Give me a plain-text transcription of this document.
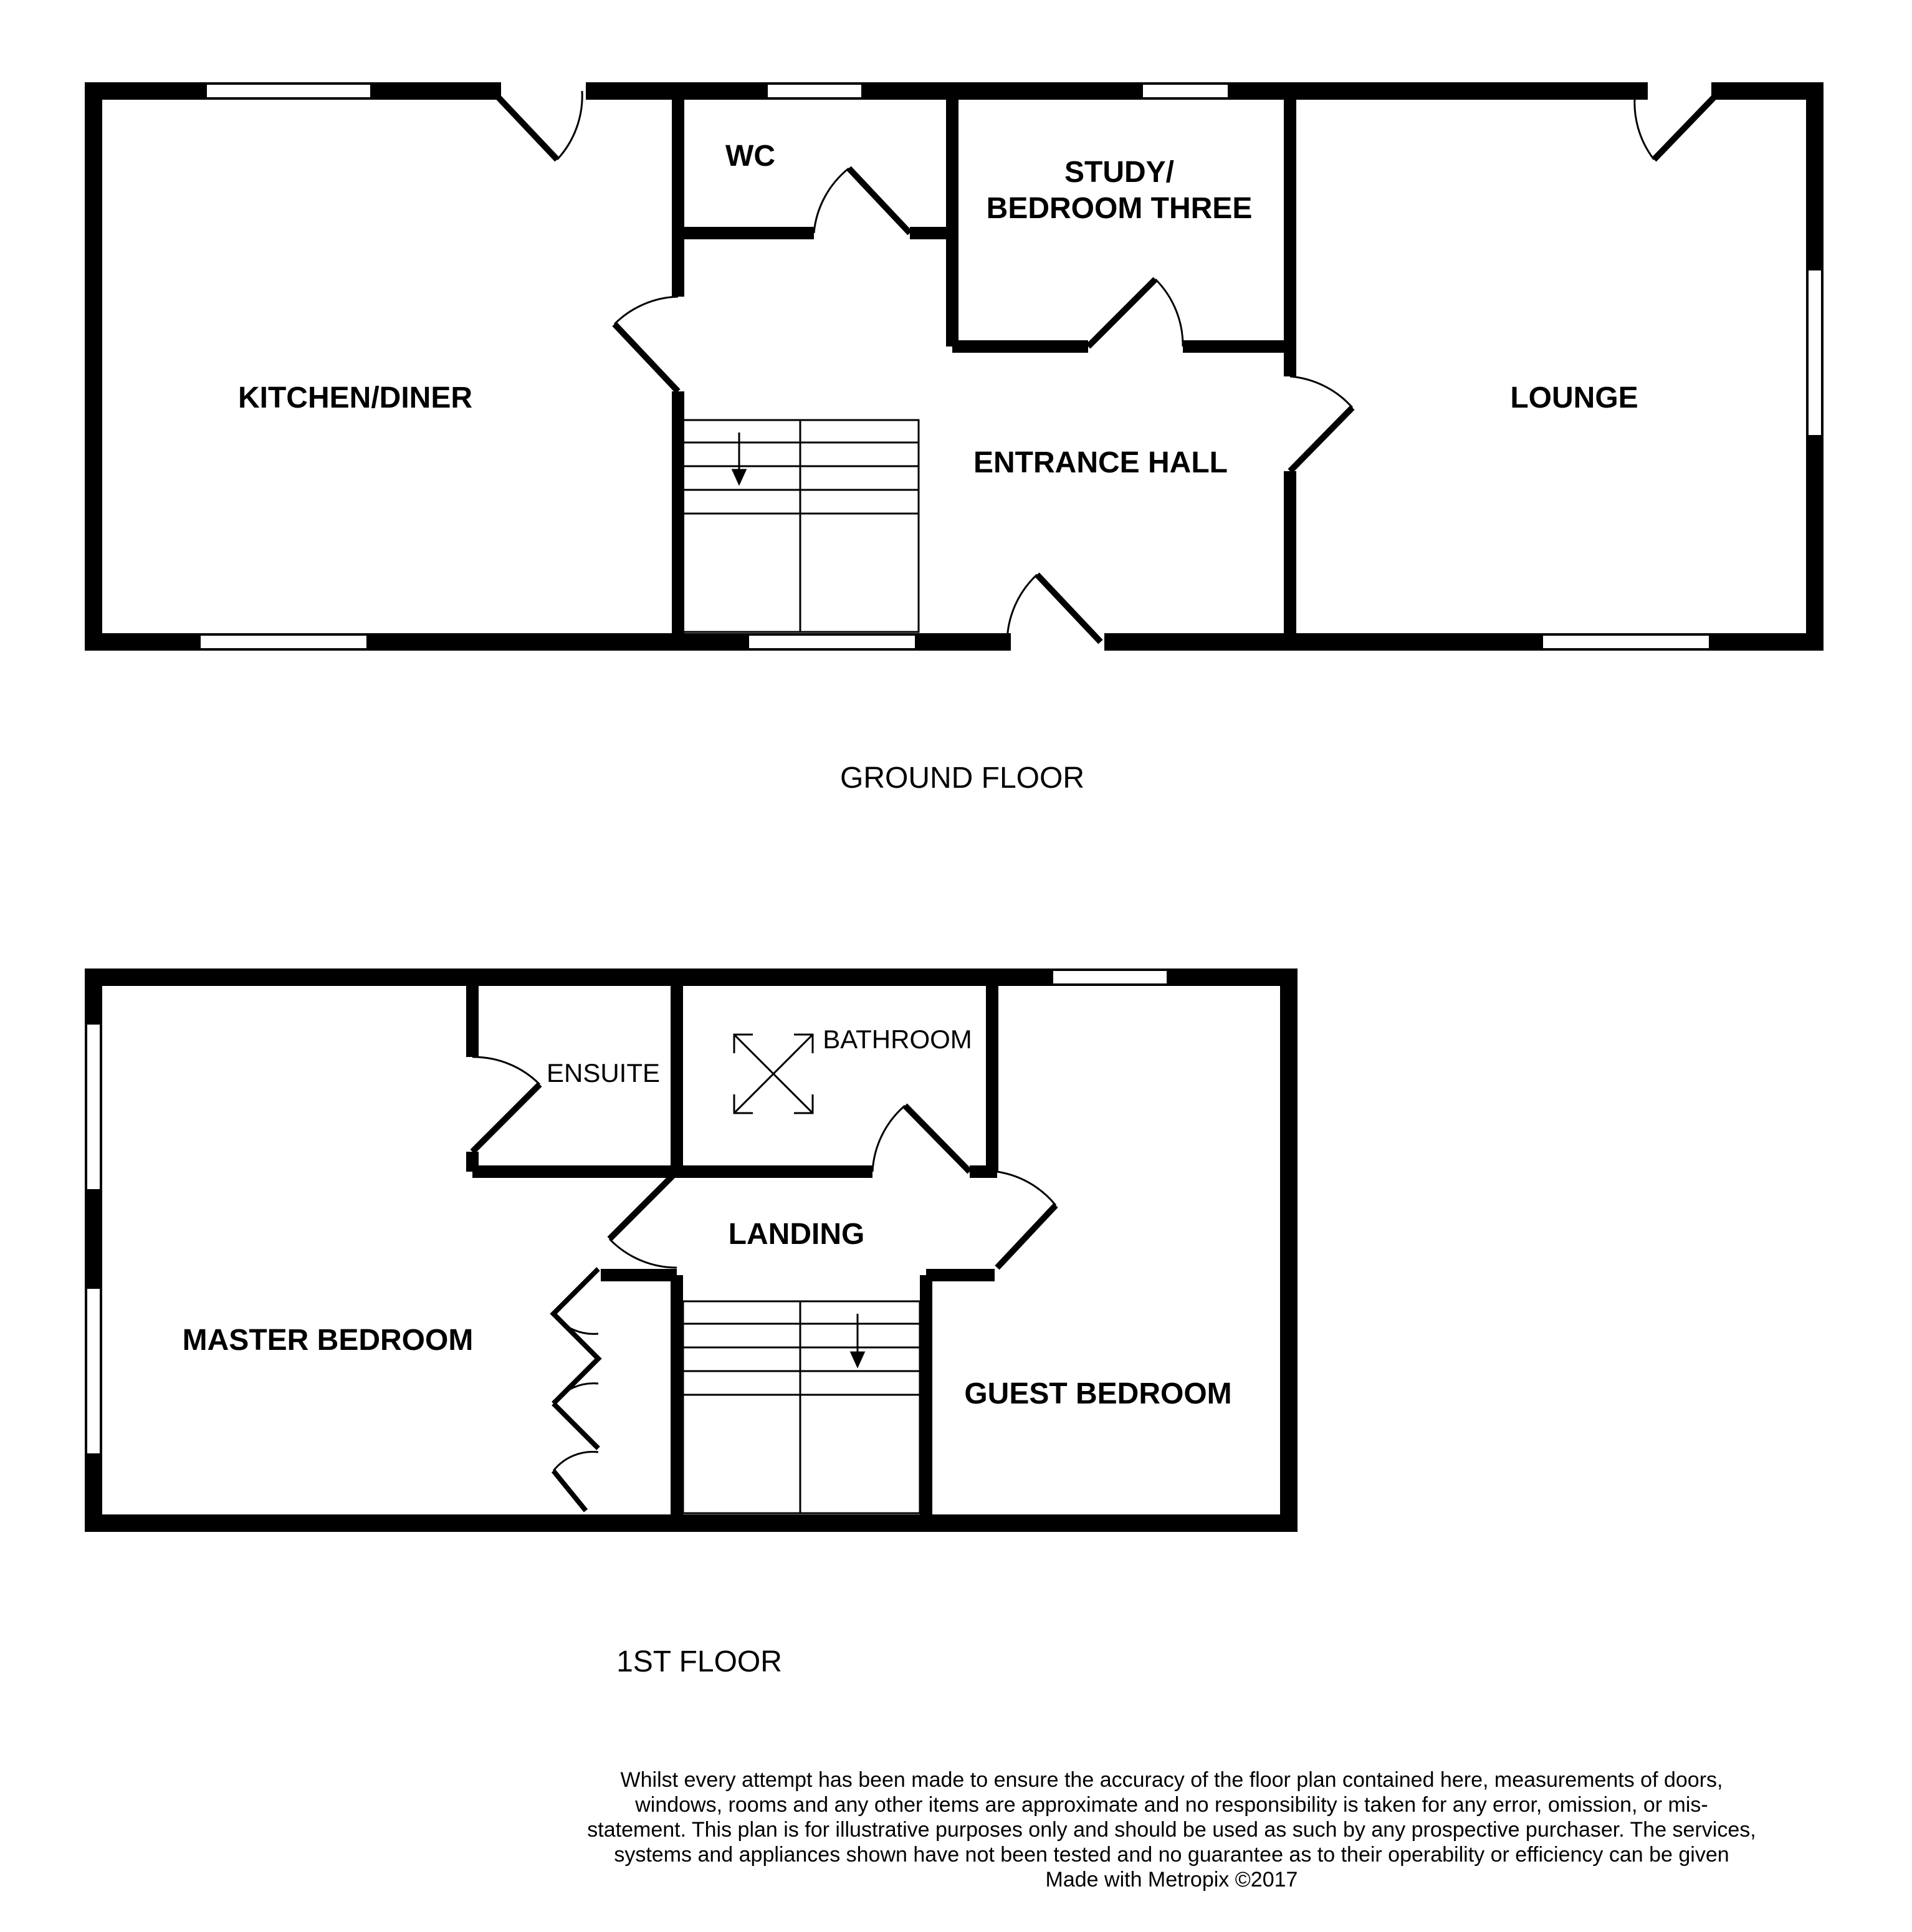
KITCHEN/DINER
WC	STUDY/
BEDROOM THREE
LOUNGE
ENTRANCE HALL
GROUND FLOOR
MASTER BEDROOM
ENSUITE
BATHROOM
LANDING
GUEST BEDROOM
1ST FLOOR
Whilst every attempt has been made to ensure the accuracy of the floor plan contained here, measurements of doors, windows, rooms and any other items are approximate and no responsibility is taken for any error, omission, or mis-statement. This plan is for illustrative purposes only and should be used as such by any prospective purchaser. The services, systems and appliances shown have not been tested and no guarantee as to their operability or efficiency can be given
Made with Metropix ©2017
